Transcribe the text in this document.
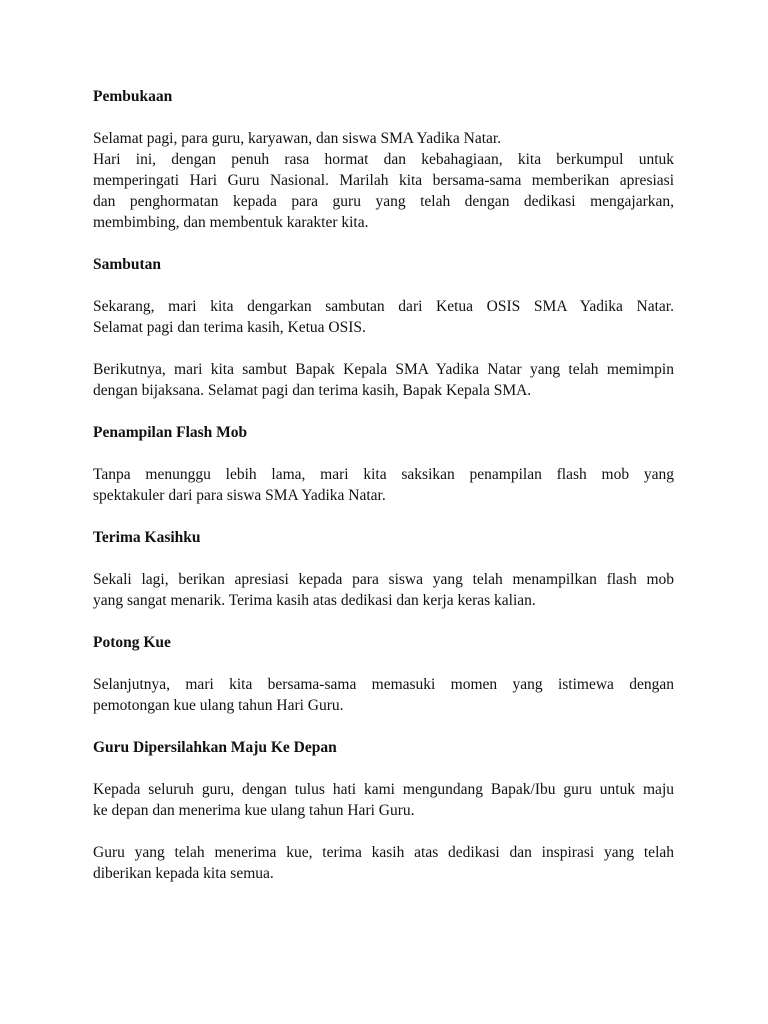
Pembukaan

Selamat pagi, para guru, karyawan, dan siswa SMA Yadika Natar.
Hari ini, dengan penuh rasa hormat dan kebahagiaan, kita berkumpul untuk
memperingati Hari Guru Nasional. Marilah kita bersama-sama memberikan apresiasi
dan penghormatan kepada para guru yang telah dengan dedikasi mengajarkan,
membimbing, dan membentuk karakter kita.

Sambutan

Sekarang, mari kita dengarkan sambutan dari Ketua OSIS SMA Yadika Natar.
Selamat pagi dan terima kasih, Ketua OSIS.

Berikutnya, mari kita sambut Bapak Kepala SMA Yadika Natar yang telah memimpin
dengan bijaksana. Selamat pagi dan terima kasih, Bapak Kepala SMA.

Penampilan Flash Mob

Tanpa menunggu lebih lama, mari kita saksikan penampilan flash mob yang
spektakuler dari para siswa SMA Yadika Natar.

Terima Kasihku

Sekali lagi, berikan apresiasi kepada para siswa yang telah menampilkan flash mob
yang sangat menarik. Terima kasih atas dedikasi dan kerja keras kalian.

Potong Kue

Selanjutnya, mari kita bersama-sama memasuki momen yang istimewa dengan
pemotongan kue ulang tahun Hari Guru.

Guru Dipersilahkan Maju Ke Depan

Kepada seluruh guru, dengan tulus hati kami mengundang Bapak/Ibu guru untuk maju
ke depan dan menerima kue ulang tahun Hari Guru.

Guru yang telah menerima kue, terima kasih atas dedikasi dan inspirasi yang telah
diberikan kepada kita semua.
